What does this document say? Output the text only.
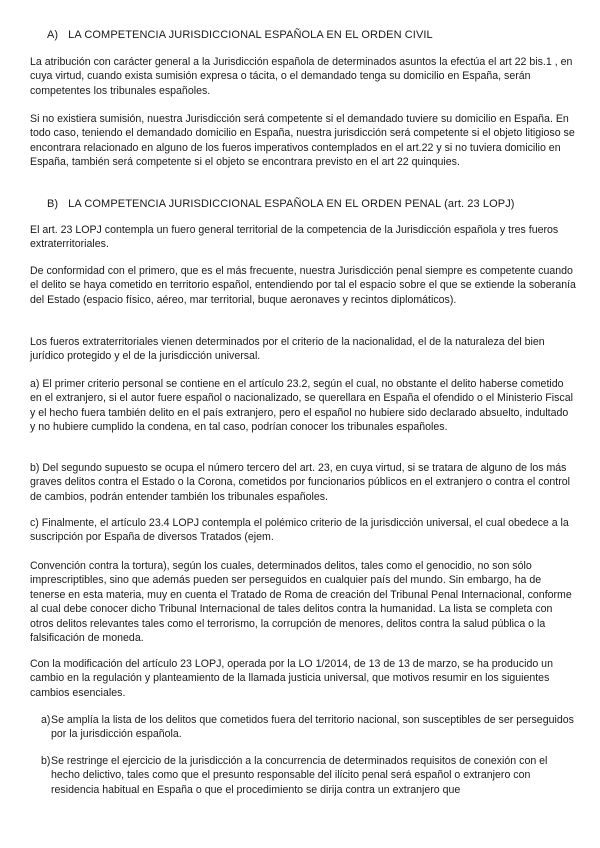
A) LA COMPETENCIA JURISDICCIONAL ESPAÑOLA EN EL ORDEN CIVIL

La atribución con carácter general a la Jurisdicción española de determinados asuntos la efectúa el art 22 bis.1 , en cuya virtud, cuando exista sumisión expresa o tácita, o el demandado tenga su domicilio en España, serán competentes los tribunales españoles.

Si no existiera sumisión, nuestra Jurisdicción será competente si el demandado tuviere su domicilio en España. En todo caso, teniendo el demandado domicilio en España, nuestra jurisdicción será competente si el objeto litigioso se encontrara relacionado en alguno de los fueros imperativos contemplados en el art.22 y si no tuviera domicilio en España, también será competente si el objeto se encontrara previsto en el art 22 quinquies.

B) LA COMPETENCIA JURISDICCIONAL ESPAÑOLA EN EL ORDEN PENAL (art. 23 LOPJ)

El art. 23 LOPJ contempla un fuero general territorial de la competencia de la Jurisdicción española y tres fueros extraterritoriales.

De conformidad con el primero, que es el más frecuente, nuestra Jurisdicción penal siempre es competente cuando el delito se haya cometido en territorio español, entendiendo por tal el espacio sobre el que se extiende la soberanía del Estado (espacio físico, aéreo, mar territorial, buque aeronaves y recintos diplomáticos).

Los fueros extraterritoriales vienen determinados por el criterio de la nacionalidad, el de la naturaleza del bien jurídico protegido y el de la jurisdicción universal.

a) El primer criterio personal se contiene en el artículo 23.2, según el cual, no obstante el delito haberse cometido en el extranjero, si el autor fuere español o nacionalizado, se querellara en España el ofendido o el Ministerio Fiscal y el hecho fuera también delito en el país extranjero, pero el español no hubiere sido declarado absuelto, indultado y no hubiere cumplido la condena, en tal caso, podrían conocer los tribunales españoles.

b) Del segundo supuesto se ocupa el número tercero del art. 23, en cuya virtud, si se tratara de alguno de los más graves delitos contra el Estado o la Corona, cometidos por funcionarios públicos en el extranjero o contra el control de cambios, podrán entender también los tribunales españoles.

c) Finalmente, el artículo 23.4 LOPJ contempla el polémico criterio de la jurisdicción universal, el cual obedece a la suscripción por España de diversos Tratados (ejem.

Convención contra la tortura), según los cuales, determinados delitos, tales como el genocidio, no son sólo imprescriptibles, sino que además pueden ser perseguidos en cualquier país del mundo. Sin embargo, ha de tenerse en esta materia, muy en cuenta el Tratado de Roma de creación del Tribunal Penal Internacional, conforme al cual debe conocer dicho Tribunal Internacional de tales delitos contra la humanidad. La lista se completa con otros delitos relevantes tales como el terrorismo, la corrupción de menores, delitos contra la salud pública o la falsificación de moneda.

Con la modificación del artículo 23 LOPJ, operada por la LO 1/2014, de 13 de 13 de marzo, se ha producido un cambio en la regulación y planteamiento de la llamada justicia universal, que motivos resumir en los siguientes cambios esenciales.

a) Se amplía la lista de los delitos que cometidos fuera del territorio nacional, son susceptibles de ser perseguidos por la jurisdicción española.
b) Se restringe el ejercicio de la jurisdicción a la concurrencia de determinados requisitos de conexión con el hecho delictivo, tales como que el presunto responsable del ilícito penal será español o extranjero con residencia habitual en España o que el procedimiento se dirija contra un extranjero que
